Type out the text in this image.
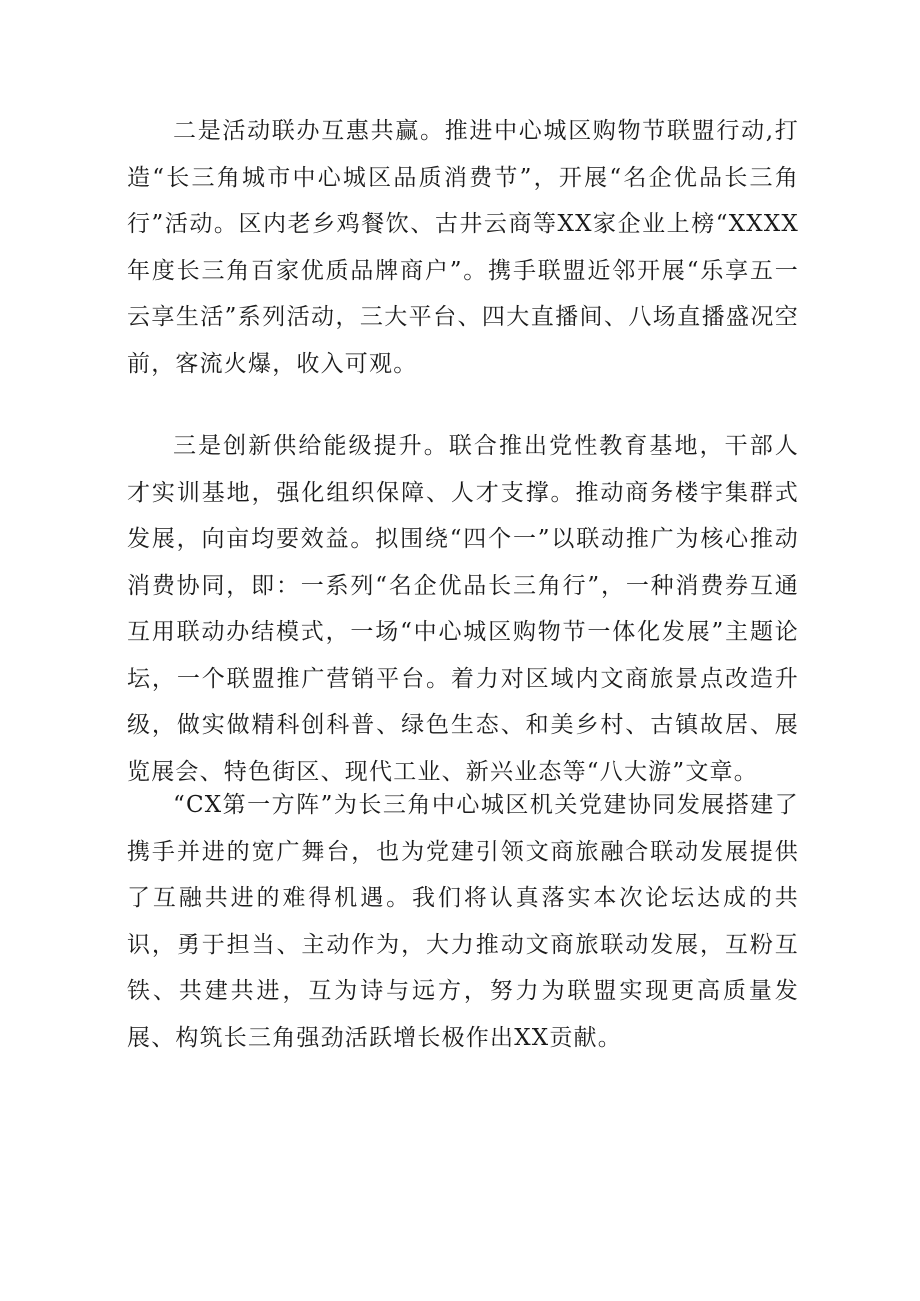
二是活动联办互惠共赢。推进中心城区购物节联盟行动,打造“长三角城市中心城区品质消费节”，开展“名企优品长三角行”活动。区内老乡鸡餐饮、古井云商等XX家企业上榜“XXXX年度长三角百家优质品牌商户”。携手联盟近邻开展“乐享五一云享生活”系列活动，三大平台、四大直播间、八场直播盛况空前，客流火爆，收入可观。

三是创新供给能级提升。联合推出党性教育基地，干部人才实训基地，强化组织保障、人才支撑。推动商务楼宇集群式发展，向亩均要效益。拟围绕“四个一”以联动推广为核心推动消费协同，即：一系列“名企优品长三角行”，一种消费券互通互用联动办结模式，一场“中心城区购物节一体化发展”主题论坛，一个联盟推广营销平台。着力对区域内文商旅景点改造升级，做实做精科创科普、绿色生态、和美乡村、古镇故居、展览展会、特色街区、现代工业、新兴业态等“八大游”文章。

“CX第一方阵”为长三角中心城区机关党建协同发展搭建了携手并进的宽广舞台，也为党建引领文商旅融合联动发展提供了互融共进的难得机遇。我们将认真落实本次论坛达成的共识，勇于担当、主动作为，大力推动文商旅联动发展，互粉互铁、共建共进，互为诗与远方，努力为联盟实现更高质量发展、构筑长三角强劲活跃增长极作出XX贡献。
